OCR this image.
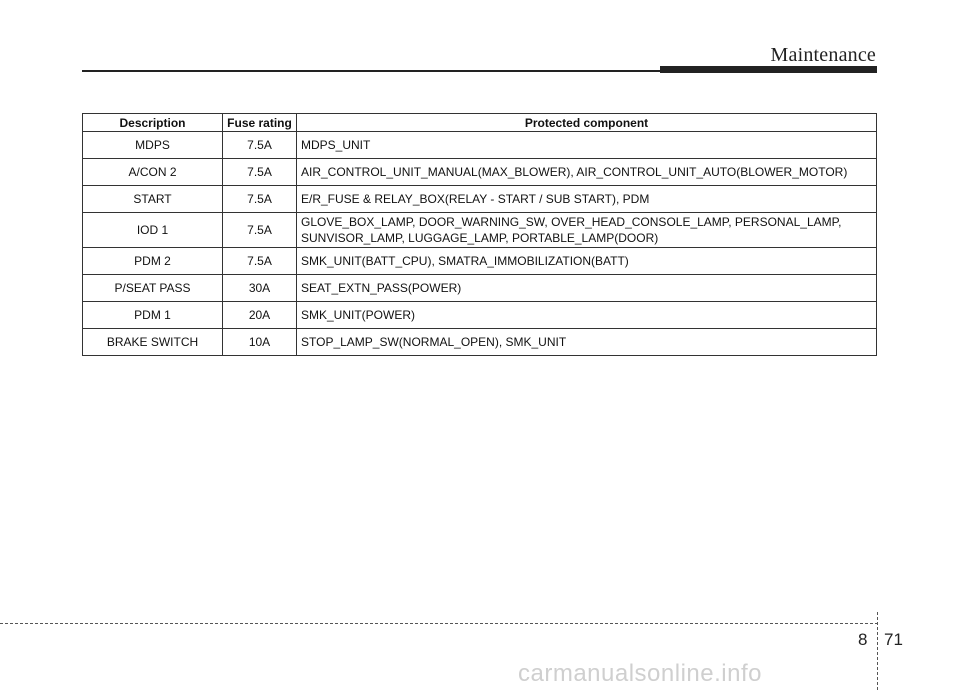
Maintenance
Description	Fuse rating	Protected component
MDPS	7.5A	MDPS_UNIT
A/CON 2	7.5A	AIR_CONTROL_UNIT_MANUAL(MAX_BLOWER), AIR_CONTROL_UNIT_AUTO(BLOWER_MOTOR)
START	7.5A	E/R_FUSE & RELAY_BOX(RELAY - START / SUB START), PDM
IOD 1	7.5A	GLOVE_BOX_LAMP, DOOR_WARNING_SW, OVER_HEAD_CONSOLE_LAMP, PERSONAL_LAMP,
SUNVISOR_LAMP, LUGGAGE_LAMP, PORTABLE_LAMP(DOOR)

PDM 2	7.5A	SMK_UNIT(BATT_CPU), SMATRA_IMMOBILIZATION(BATT)
P/SEAT PASS	30A	SEAT_EXTN_PASS(POWER)
PDM 1	20A	SMK_UNIT(POWER)
BRAKE SWITCH	10A	STOP_LAMP_SW(NORMAL_OPEN), SMK_UNIT
8 71
carmanualsonline.info
